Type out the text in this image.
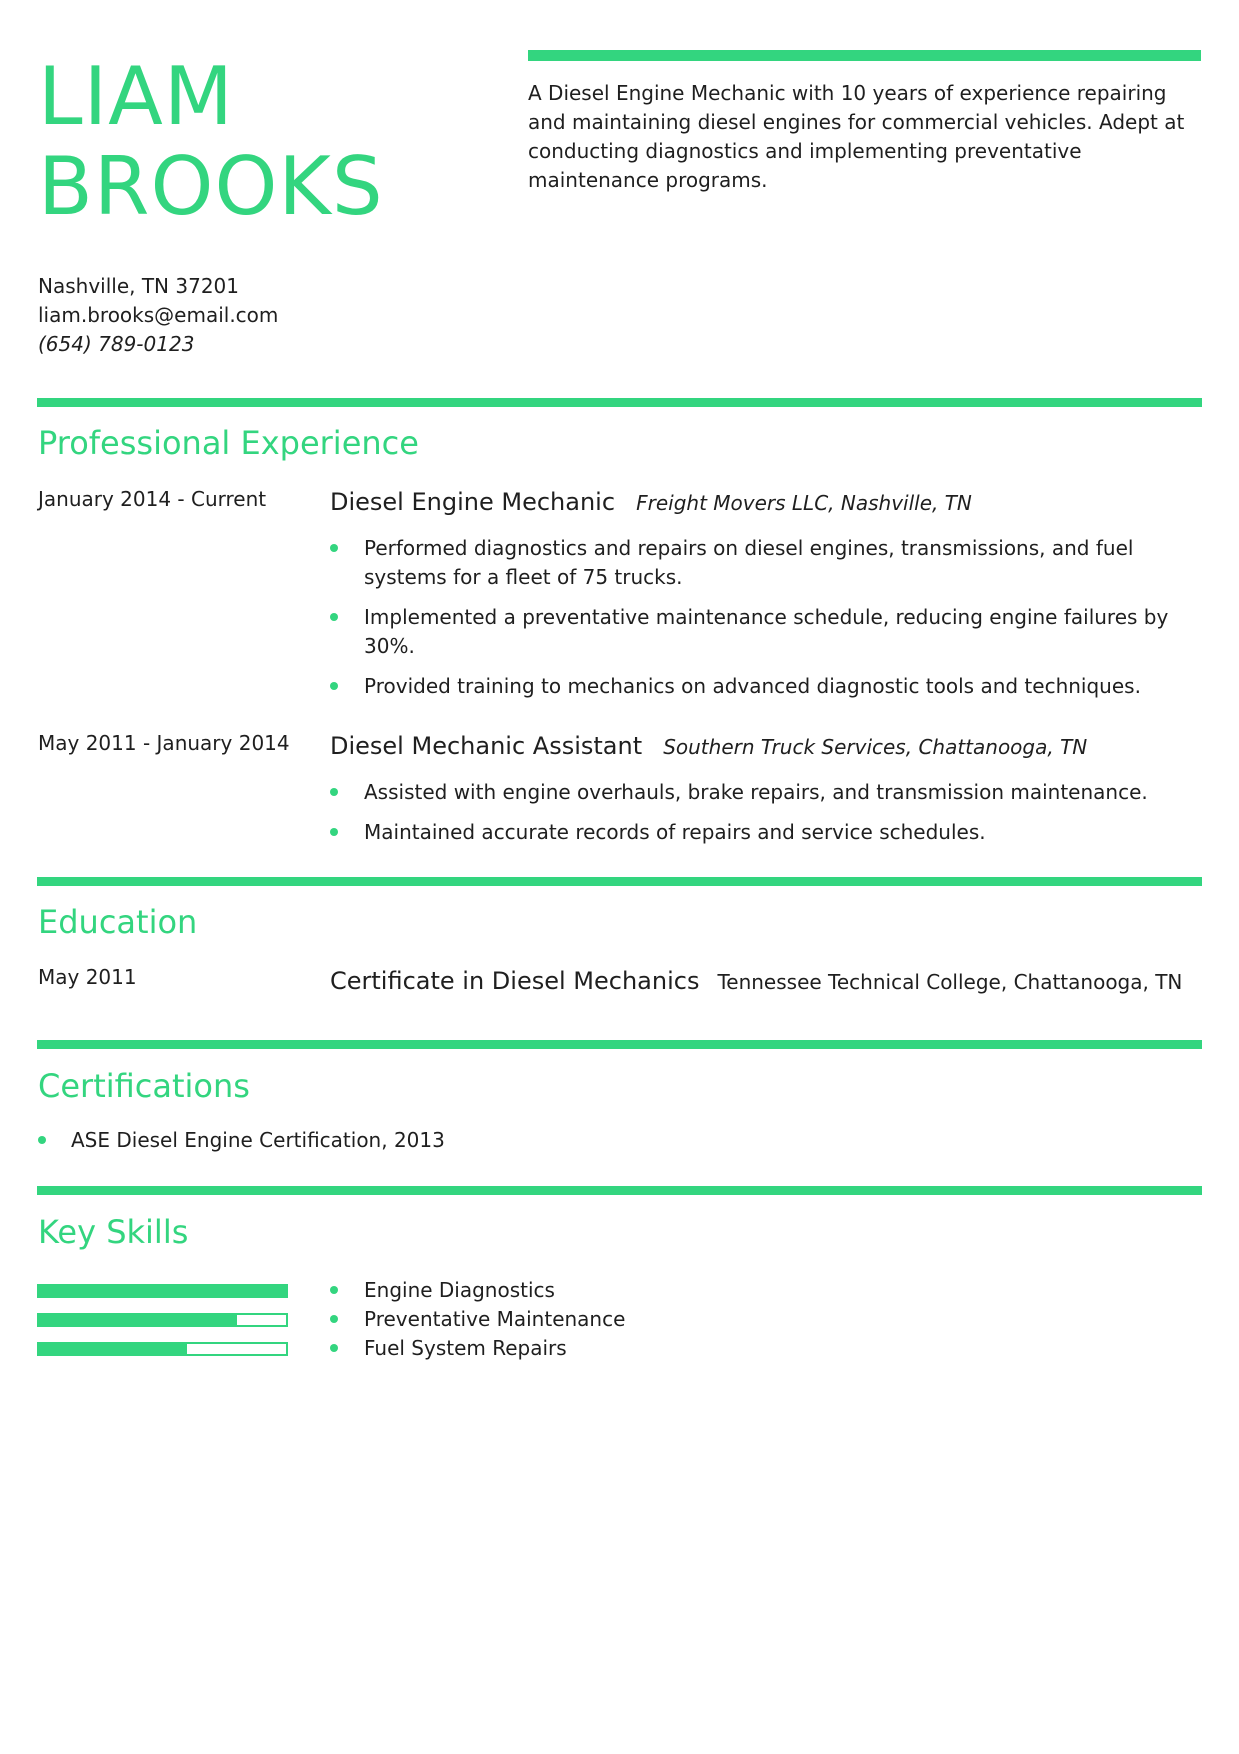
LIAM
BROOKS

A Diesel Engine Mechanic with 10 years of experience repairing and maintaining diesel engines for commercial vehicles. Adept at conducting diagnostics and implementing preventative maintenance programs.

Nashville, TN 37201
liam.brooks@email.com
(654) 789-0123
Professional Experience
January 2014 - Current	Diesel Engine Mechanic Freight Movers LLC, Nashville, TN
Performed diagnostics and repairs on diesel engines, transmissions, and fuel systems for a fleet of 75 trucks.
Implemented a preventative maintenance schedule, reducing engine failures by 30%.
Provided training to mechanics on advanced diagnostic tools and techniques.
May 2011 - January 2014 Diesel Mechanic Assistant Southern Truck Services, Chattanooga, TN
Assisted with engine overhauls, brake repairs, and transmission maintenance.
Maintained accurate records of repairs and service schedules.
Education
May 2011	Certificate in Diesel Mechanics Tennessee Technical College, Chattanooga, TN
Certifications
ASE Diesel Engine Certification, 2013
Key Skills
Engine Diagnostics
Preventative Maintenance
Fuel System Repairs
